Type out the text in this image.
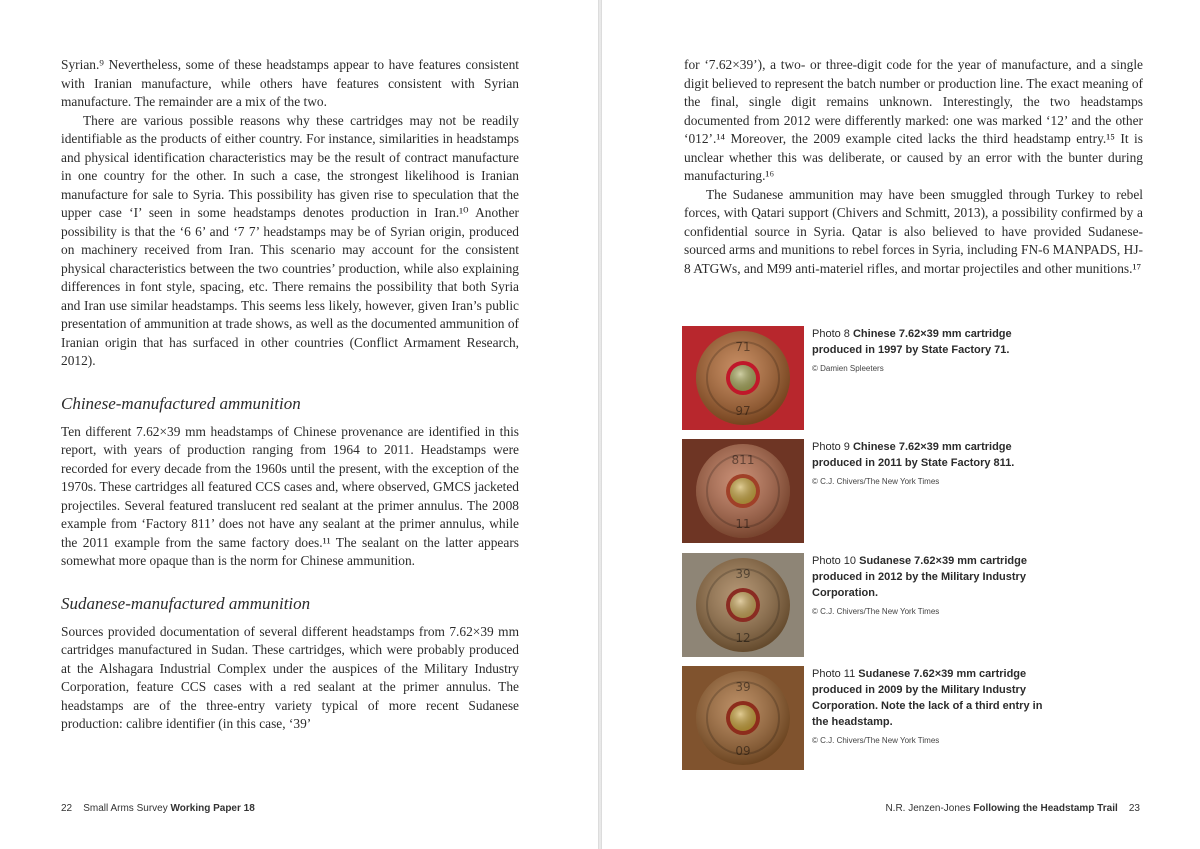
Syrian.⁹ Nevertheless, some of these headstamps appear to have features consistent with Iranian manufacture, while others have features consistent with Syrian manufacture. The remainder are a mix of the two.

There are various possible reasons why these cartridges may not be readily identifiable as the products of either country. For instance, similarities in headstamps and physical identification characteristics may be the result of contract manufacture in one country for the other. In such a case, the strongest likelihood is Iranian manufacture for sale to Syria. This possibility has given rise to speculation that the upper case ‘I’ seen in some headstamps denotes production in Iran.¹⁰ Another possibility is that the ‘6 6’ and ‘7 7’ headstamps may be of Syrian origin, produced on machinery received from Iran. This scenario may account for the consistent physical characteristics between the two countries’ production, while also explaining differences in font style, spacing, etc. There remains the possibility that both Syria and Iran use similar headstamps. This seems less likely, however, given Iran’s public presentation of ammunition at trade shows, as well as the documented ammunition of Iranian origin that has surfaced in other countries (Conflict Armament Research, 2012).

Chinese-manufactured ammunition

Ten different 7.62×39 mm headstamps of Chinese provenance are identified in this report, with years of production ranging from 1964 to 2011. Headstamps were recorded for every decade from the 1960s until the present, with the exception of the 1970s. These cartridges all featured CCS cases and, where observed, GMCS jacketed projectiles. Several featured translucent red sealant at the primer annulus. The 2008 example from ‘Factory 811’ does not have any sealant at the primer annulus, while the 2011 example from the same factory does.¹¹ The sealant on the latter appears somewhat more opaque than is the norm for Chinese ammunition.

Sudanese-manufactured ammunition

Sources provided documentation of several different headstamps from 7.62×39 mm cartridges manufactured in Sudan. These cartridges, which were probably produced at the Alshagara Industrial Complex under the auspices of the Military Industry Corporation, feature CCS cases with a red sealant at the primer annulus. The headstamps are of the three-entry variety typical of more recent Sudanese production: calibre identifier (in this case, ‘39’

22 Small Arms Survey Working Paper 18

for ‘7.62×39’), a two- or three-digit code for the year of manufacture, and a single digit believed to represent the batch number or production line. The exact meaning of the final, single digit remains unknown. Interestingly, the two headstamps documented from 2012 were differently marked: one was marked ‘12’ and the other ‘012’.¹⁴ Moreover, the 2009 example cited lacks the third headstamp entry.¹⁵ It is unclear whether this was deliberate, or caused by an error with the bunter during manufacturing.¹⁶

The Sudanese ammunition may have been smuggled through Turkey to rebel forces, with Qatari support (Chivers and Schmitt, 2013), a possibility confirmed by a confidential source in Syria. Qatar is also believed to have provided Sudanese-sourced arms and munitions to rebel forces in Syria, including FN-6 MANPADS, HJ-8 ATGWs, and M99 anti-materiel rifles, and mortar projectiles and other munitions.¹⁷

71
97
Photo 8 Chinese 7.62×39 mm cartridge produced in 1997 by State Factory 71.
© Damien Spleeters
811
11
Photo 9 Chinese 7.62×39 mm cartridge produced in 2011 by State Factory 811.
© C.J. Chivers/The New York Times
39
12
Photo 10 Sudanese 7.62×39 mm cartridge produced in 2012 by the Military Industry Corporation.
© C.J. Chivers/The New York Times
39
09
Photo 11 Sudanese 7.62×39 mm cartridge produced in 2009 by the Military Industry Corporation. Note the lack of a third entry in the headstamp.
© C.J. Chivers/The New York Times
N.R. Jenzen-Jones Following the Headstamp Trail 23
